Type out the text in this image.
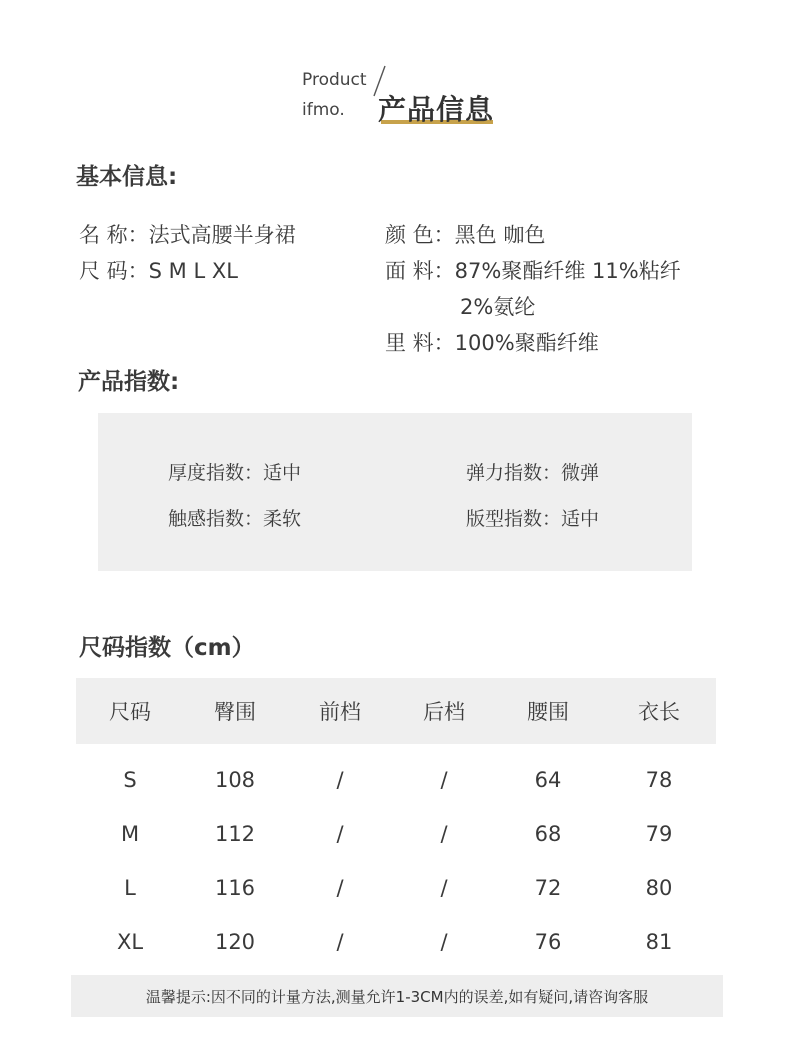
Product
ifmo. 产品信息
基本信息:
名 称：法式高腰半身裙
尺 码：S M L XL
颜 色：黑色 咖色
面 料：87%聚酯纤维 11%粘纤
2%氨纶
里 料：100%聚酯纤维
产品指数:
厚度指数：适中	弹力指数：微弹
触感指数：柔软	版型指数：适中
尺码指数（cm）
尺码	臀围	前档	后档	腰围	衣长
S	108	/	/	64	78
M	112	/	/	68	79
L	116	/	/	72	80
XL	120	/	/	76	81
温馨提示:因不同的计量方法,测量允许1-3CM内的误差,如有疑问,请咨询客服
